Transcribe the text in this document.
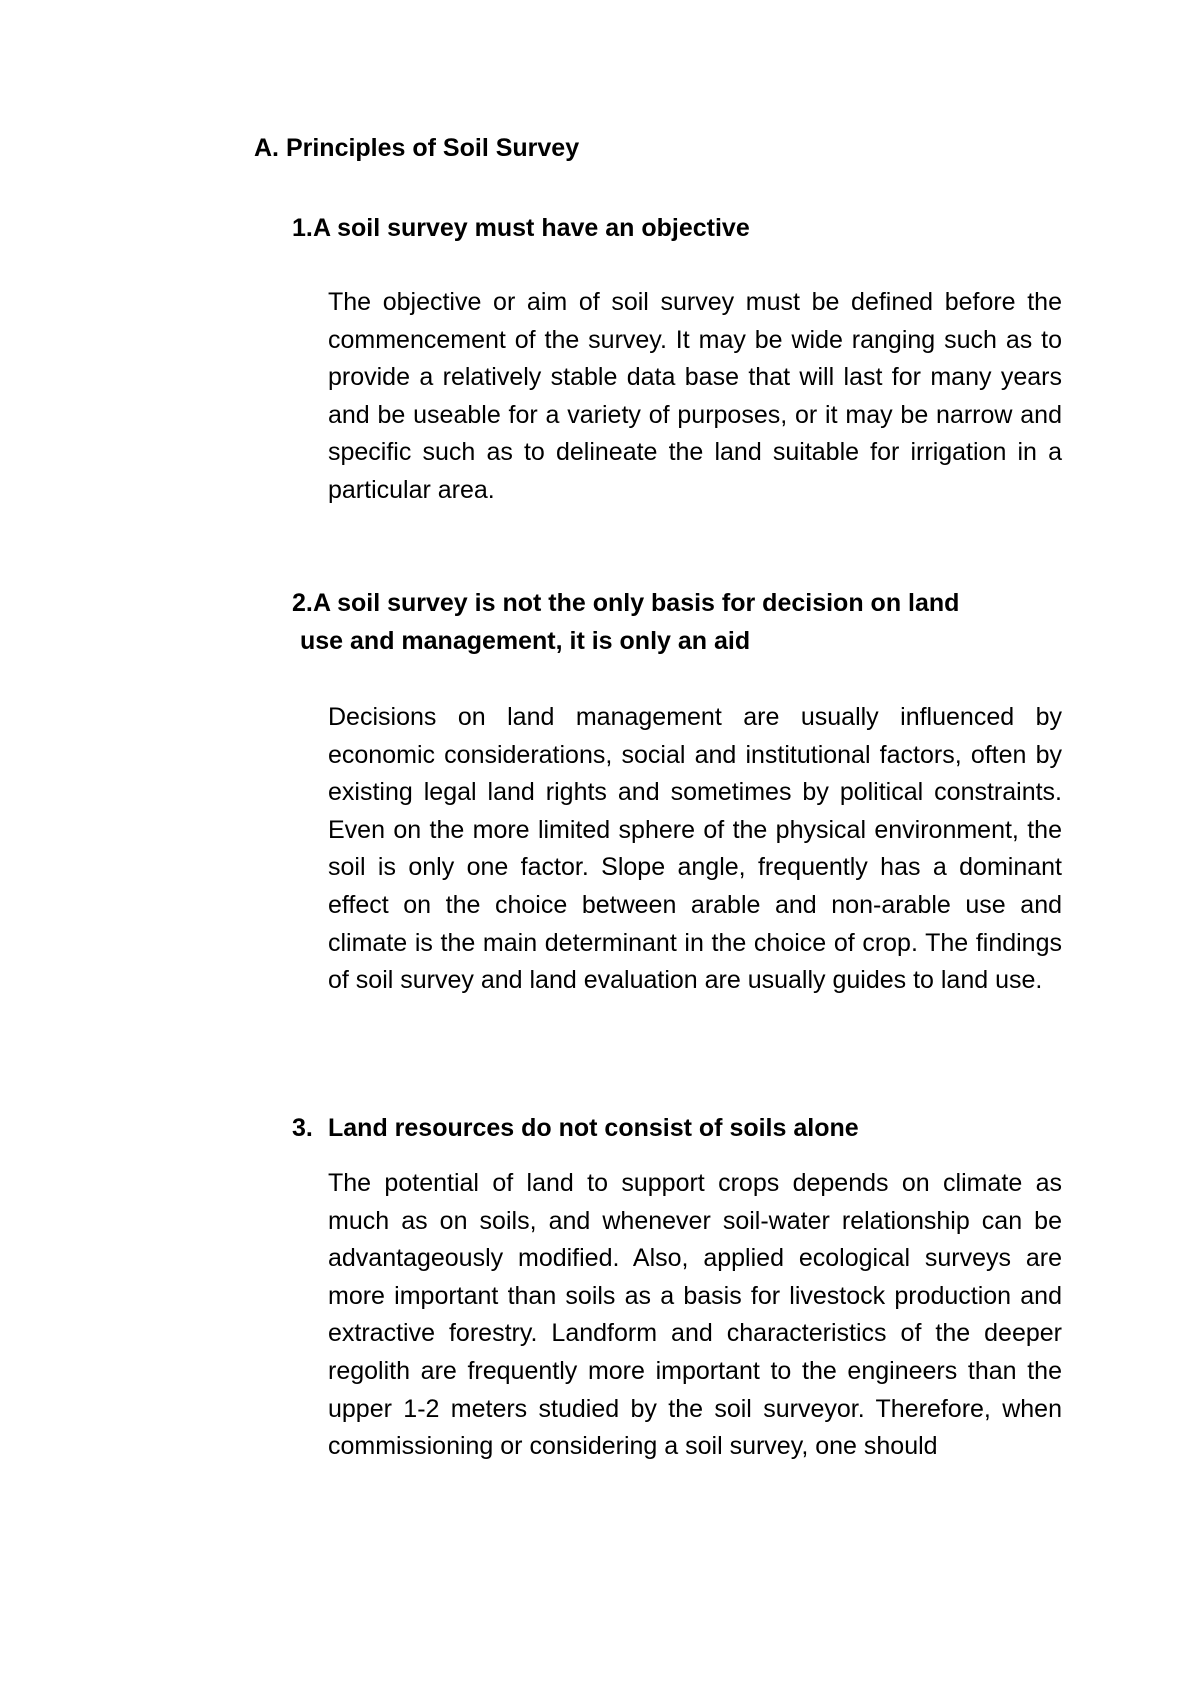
A. Principles of Soil Survey
1.A soil survey must have an objective

The objective or aim of soil survey must be defined before the commencement of the survey. It may be wide ranging such as to provide a relatively stable data base that will last for many years and be useable for a variety of purposes, or it may be narrow and specific such as to delineate the land suitable for irrigation in a particular area.

2.A soil survey is not the only basis for decision on land
use and management, it is only an aid

Decisions on land management are usually influenced by economic considerations, social and institutional factors, often by existing legal land rights and sometimes by political constraints. Even on the more limited sphere of the physical environment, the soil is only one factor. Slope angle, frequently has a dominant effect on the choice between arable and non-arable use and climate is the main determinant in the choice of crop. The findings of soil survey and land evaluation are usually guides to land use.

3. Land resources do not consist of soils alone

The potential of land to support crops depends on climate as much as on soils, and whenever soil-water relationship can be advantageously modified. Also, applied ecological surveys are more important than soils as a basis for livestock production and extractive forestry. Landform and characteristics of the deeper regolith are frequently more important to the engineers than the upper 1-2 meters studied by the soil surveyor. Therefore, when commissioning or considering a soil survey, one should
